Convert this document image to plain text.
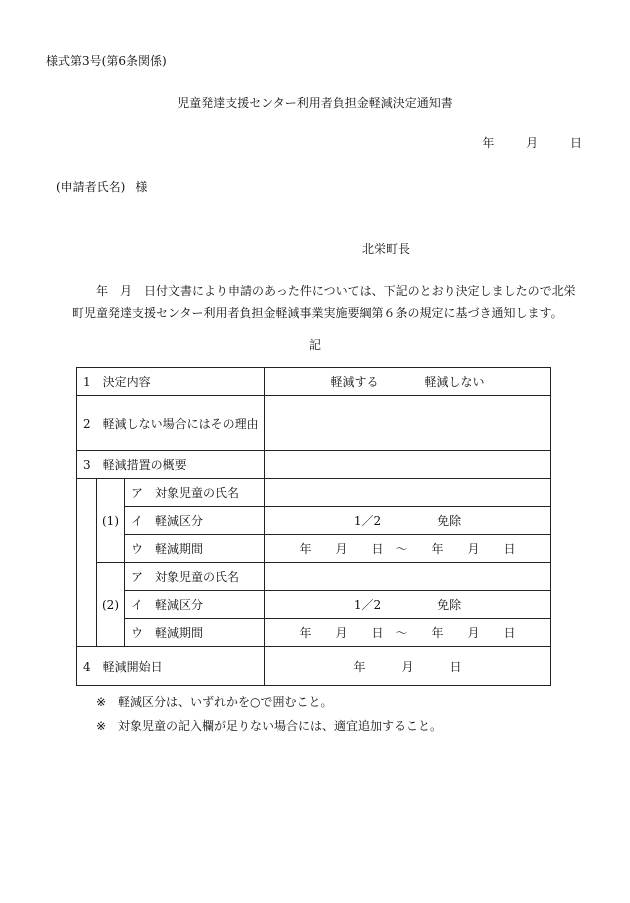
様式第3号(第6条関係)
児童発達支援センター利用者負担金軽減決定通知書
年	月	日
(申請者氏名) 様
北栄町長
年　月　日付文書により申請のあった件については、下記のとおり決定しましたので北栄町児童発達支援センター利用者負担金軽減事業実施要綱第６条の規定に基づき通知します。
記
1　決定内容			軽減する 軽減しない
2　軽減しない場合にはその理由			
3　軽減措置の概要			
	(1)	ア　対象児童の氏名	
		イ　軽減区分	1／2 免除
		ウ　軽減期間	年　　月　　日　～　　年　　月　　日
	(2)	ア　対象児童の氏名	
		イ　軽減区分	1／2 免除
		ウ　軽減期間	年　　月　　日　～　　年　　月　　日
4　軽減開始日			年　　　月　　　日
※ 軽減区分は、いずれかを○で囲むこと。
※ 対象児童の記入欄が足りない場合には、適宜追加すること。
